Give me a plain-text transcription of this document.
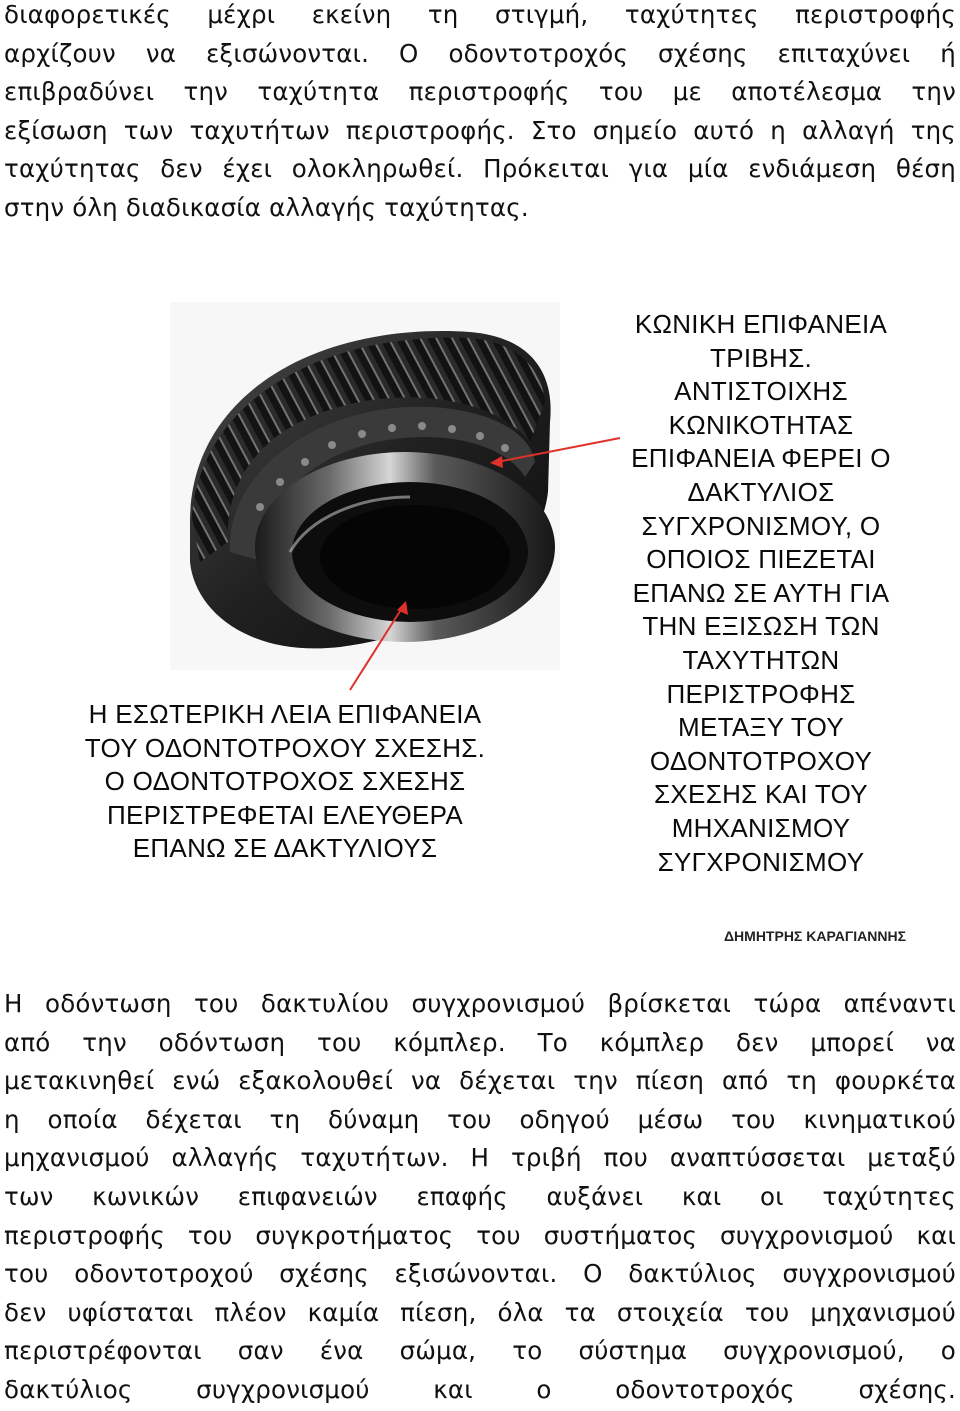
διαφορετικές μέχρι εκείνη τη στιγμή, ταχύτητες περιστροφής
αρχίζουν να εξισώνονται. Ο οδοντοτροχός σχέσης επιταχύνει ή
επιβραδύνει την ταχύτητα περιστροφής του με αποτέλεσμα την
εξίσωση των ταχυτήτων περιστροφής. Στο σημείο αυτό η αλλαγή της
ταχύτητας δεν έχει ολοκληρωθεί. Πρόκειται για μία ενδιάμεση θέση
στην όλη διαδικασία αλλαγής ταχύτητας.
ΚΩΝΙΚΗ ΕΠΙΦΑΝΕΙΑ
ΤΡΙΒΗΣ.
ΑΝΤΙΣΤΟΙΧΗΣ
ΚΩΝΙΚΟΤΗΤΑΣ
ΕΠΙΦΑΝΕΙΑ ΦΕΡΕΙ Ο
ΔΑΚΤΥΛΙΟΣ
ΣΥΓΧΡΟΝΙΣΜΟΥ, Ο
ΟΠΟΙΟΣ ΠΙΕΖΕΤΑΙ
ΕΠΑΝΩ ΣΕ ΑΥΤΗ ΓΙΑ
ΤΗΝ ΕΞΙΣΩΣΗ ΤΩΝ
ΤΑΧΥΤΗΤΩΝ
ΠΕΡΙΣΤΡΟΦΗΣ
ΜΕΤΑΞΥ ΤΟΥ
ΟΔΟΝΤΟΤΡΟΧΟΥ
ΣΧΕΣΗΣ ΚΑΙ ΤΟΥ
ΜΗΧΑΝΙΣΜΟΥ
ΣΥΓΧΡΟΝΙΣΜΟΥ
Η ΕΣΩΤΕΡΙΚΗ ΛΕΙΑ ΕΠΙΦΑΝΕΙΑ
ΤΟΥ ΟΔΟΝΤΟΤΡΟΧΟΥ ΣΧΕΣΗΣ.
Ο ΟΔΟΝΤΟΤΡΟΧΟΣ ΣΧΕΣΗΣ
ΠΕΡΙΣΤΡΕΦΕΤΑΙ ΕΛΕΥΘΕΡΑ
ΕΠΑΝΩ ΣΕ ΔΑΚΤΥΛΙΟΥΣ
ΔΗΜΗΤΡΗΣ ΚΑΡΑΓΙΑΝΝΗΣ
Η οδόντωση του δακτυλίου συγχρονισμού βρίσκεται τώρα απέναντι
από την οδόντωση του κόμπλερ. Το κόμπλερ δεν μπορεί να
μετακινηθεί ενώ εξακολουθεί να δέχεται την πίεση από τη φουρκέτα
η οποία δέχεται τη δύναμη του οδηγού μέσω του κινηματικού
μηχανισμού αλλαγής ταχυτήτων. Η τριβή που αναπτύσσεται μεταξύ
των κωνικών επιφανειών επαφής αυξάνει και οι ταχύτητες
περιστροφής του συγκροτήματος του συστήματος συγχρονισμού και
του οδοντοτροχού σχέσης εξισώνονται. Ο δακτύλιος συγχρονισμού
δεν υφίσταται πλέον καμία πίεση, όλα τα στοιχεία του μηχανισμού
περιστρέφονται σαν ένα σώμα, το σύστημα συγχρονισμού, ο
δακτύλιος συγχρονισμού και ο οδοντοτροχός σχέσης.
